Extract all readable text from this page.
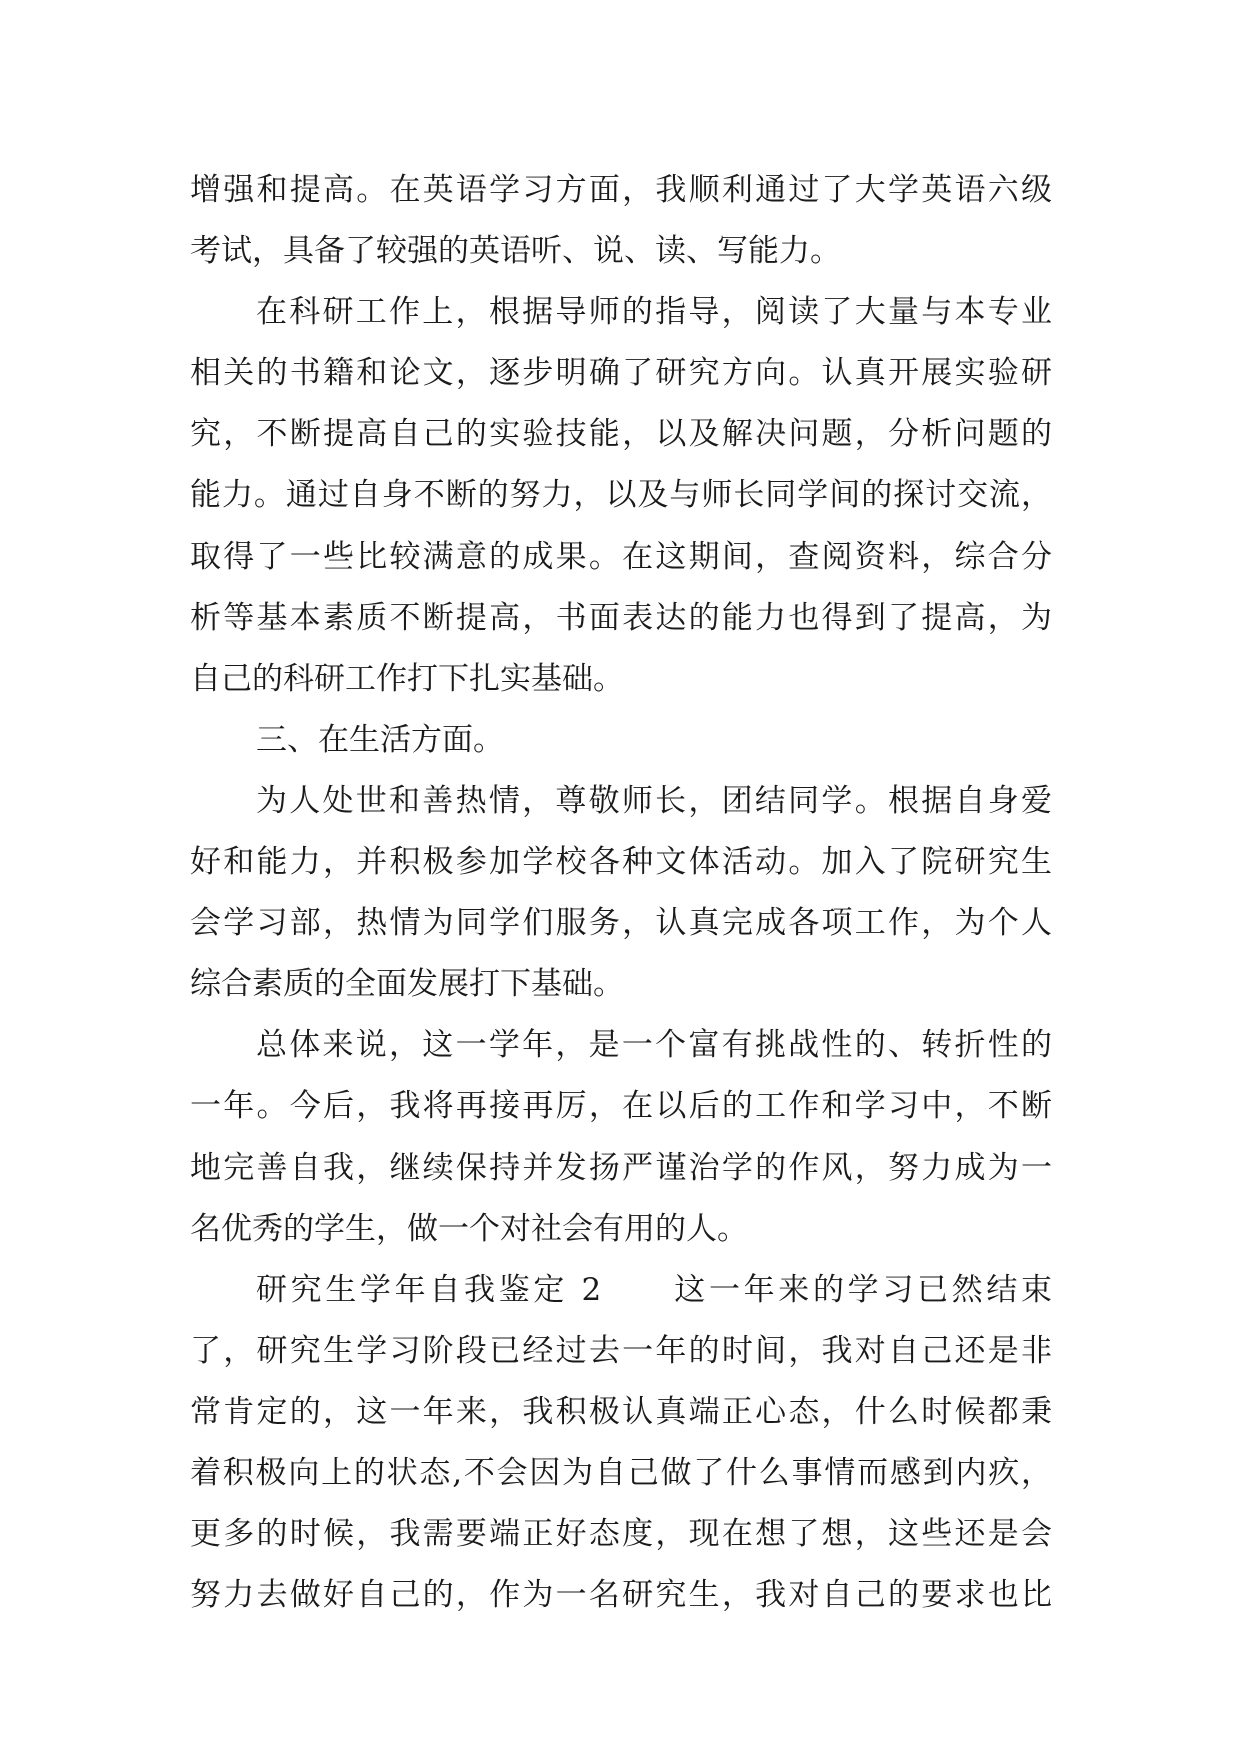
增强和提高。在英语学习方面，我顺利通过了大学英语六级
考试，具备了较强的英语听、说、读、写能力。
在科研工作上，根据导师的指导，阅读了大量与本专业
相关的书籍和论文，逐步明确了研究方向。认真开展实验研
究，不断提高自己的实验技能，以及解决问题，分析问题的
能力。通过自身不断的努力，以及与师长同学间的探讨交流，
取得了一些比较满意的成果。在这期间，查阅资料，综合分
析等基本素质不断提高，书面表达的能力也得到了提高，为
自己的科研工作打下扎实基础。
三、在生活方面。
为人处世和善热情，尊敬师长，团结同学。根据自身爱
好和能力，并积极参加学校各种文体活动。加入了院研究生
会学习部，热情为同学们服务，认真完成各项工作，为个人
综合素质的全面发展打下基础。
总体来说，这一学年，是一个富有挑战性的、转折性的
一年。今后，我将再接再厉，在以后的工作和学习中，不断
地完善自我，继续保持并发扬严谨治学的作风，努力成为一
名优秀的学生，做一个对社会有用的人。
研究生学年自我鉴定 2　　这一年来的学习已然结束
了，研究生学习阶段已经过去一年的时间，我对自己还是非
常肯定的，这一年来，我积极认真端正心态，什么时候都秉
着积极向上的状态,不会因为自己做了什么事情而感到内疚，
更多的时候，我需要端正好态度，现在想了想，这些还是会
努力去做好自己的，作为一名研究生，我对自己的要求也比
